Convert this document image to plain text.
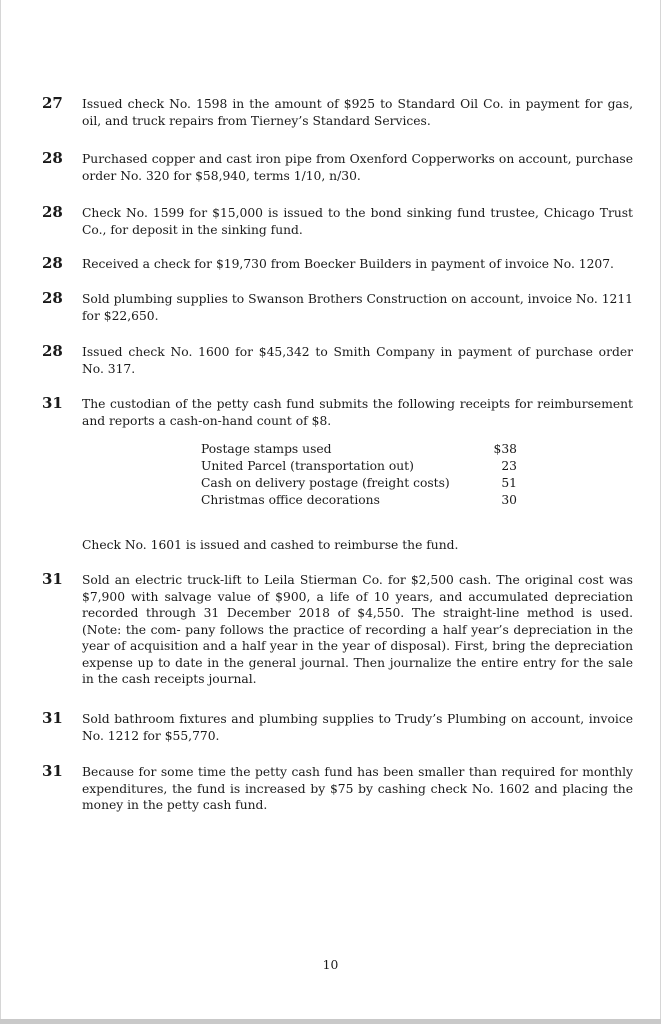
27 Issued check No. 1598 in the amount of $925 to Standard Oil Co. in payment for gas, oil, and truck repairs from Tierney’s Standard Services.
28 Purchased copper and cast iron pipe from Oxenford Copperworks on account, purchase order No. 320 for $58,940, terms 1/10, n/30.
28 Check No. 1599 for $15,000 is issued to the bond sinking fund trustee, Chicago Trust Co., for deposit in the sinking fund.
28 Received a check for $19,730 from Boecker Builders in payment of invoice No. 1207.
28 Sold plumbing supplies to Swanson Brothers Construction on account, invoice No. 1211 for $22,650.
28 Issued check No. 1600 for $45,342 to Smith Company in payment of purchase order No. 317.
31 The custodian of the petty cash fund submits the following receipts for reimbursement and reports a cash-on-hand count of $8.
Postage stamps used	$38
United Parcel (transportation out)	23
Cash on delivery postage (freight costs)	51
Christmas office decorations	30
Check No. 1601 is issued and cashed to reimburse the fund.
31 Sold an electric truck-lift to Leila Stierman Co. for $2,500 cash. The original cost was $7,900 with salvage value of $900, a life of 10 years, and accumulated depreciation recorded through 31 December 2018 of $4,550. The straight-line method is used. (Note: the com- pany follows the practice of recording a half year’s depreciation in the year of acquisition and a half year in the year of disposal). First, bring the depreciation expense up to date in the general journal. Then journalize the entire entry for the sale in the cash receipts journal.
31 Sold bathroom fixtures and plumbing supplies to Trudy’s Plumbing on account, invoice No. 1212 for $55,770.
31 Because for some time the petty cash fund has been smaller than required for monthly expenditures, the fund is increased by $75 by cashing check No. 1602 and placing the money in the petty cash fund.
10
